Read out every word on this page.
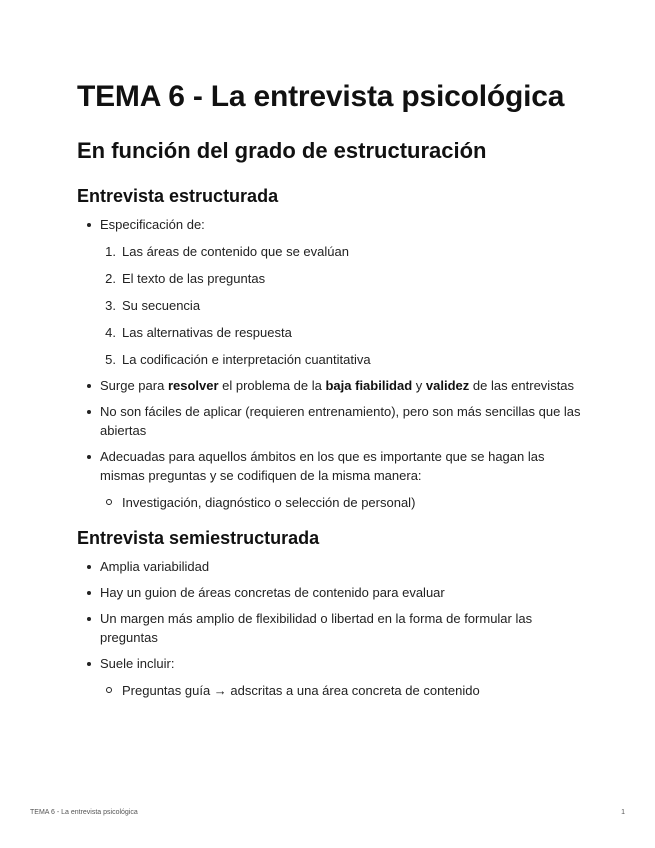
TEMA 6 - La entrevista psicológica
En función del grado de estructuración
Entrevista estructurada
Especificación de:
1. Las áreas de contenido que se evalúan
2. El texto de las preguntas
3. Su secuencia
4. Las alternativas de respuesta
5. La codificación e interpretación cuantitativa
Surge para resolver el problema de la baja fiabilidad y validez de las entrevistas
No son fáciles de aplicar (requieren entrenamiento), pero son más sencillas que las abiertas
Adecuadas para aquellos ámbitos en los que es importante que se hagan las mismas preguntas y se codifiquen de la misma manera:
Investigación, diagnóstico o selección de personal)
Entrevista semiestructurada
Amplia variabilidad
Hay un guion de áreas concretas de contenido para evaluar
Un margen más amplio de flexibilidad o libertad en la forma de formular las preguntas
Suele incluir:
Preguntas guía → adscritas a una área concreta de contenido
TEMA 6 - La entrevista psicológica	1
